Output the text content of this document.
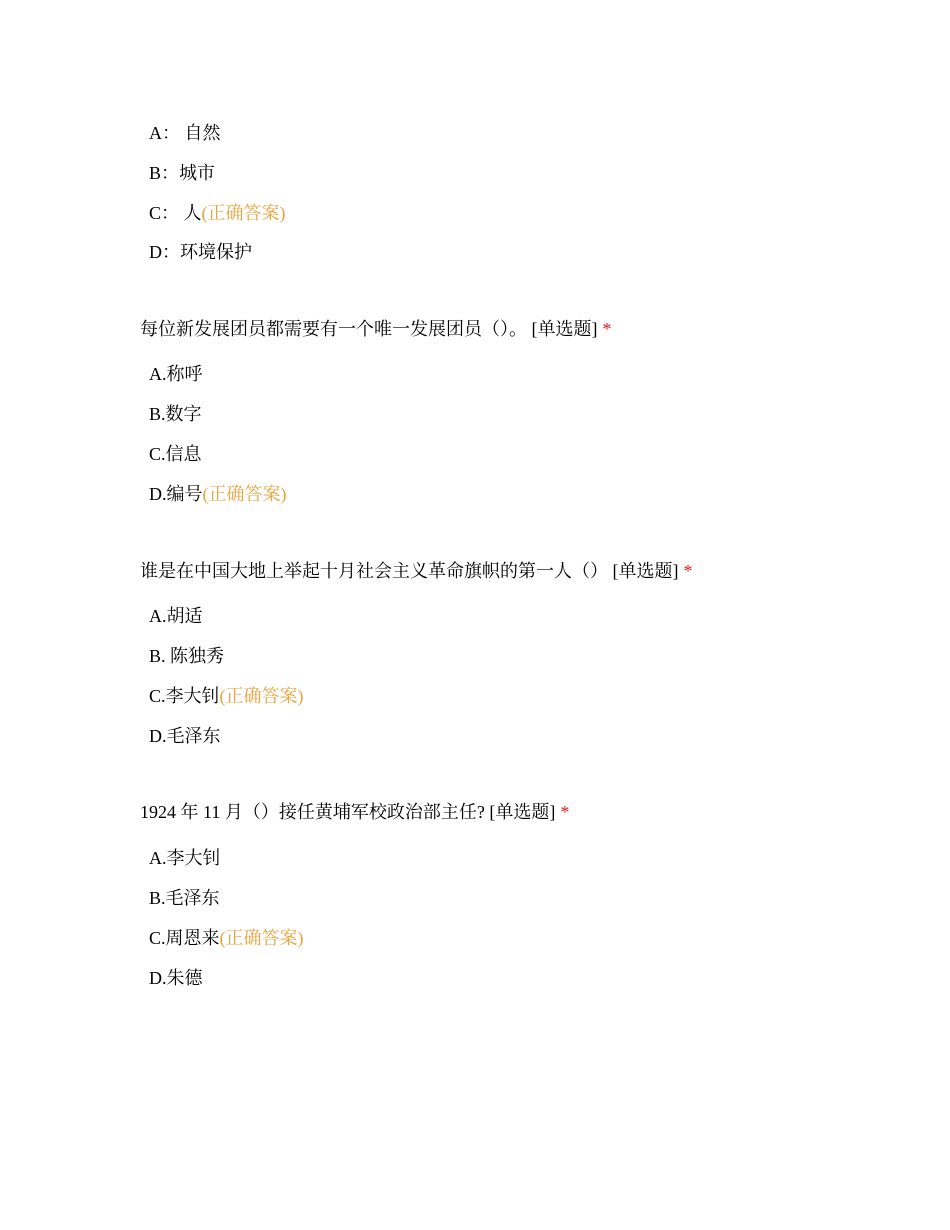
A： 自然
B：城市
C： 人(正确答案)
D：环境保护
每位新发展团员都需要有一个唯一发展团员（）。 [单选题] *
A.称呼
B.数字
C.信息
D.编号(正确答案)
谁是在中国大地上举起十月社会主义革命旗帜的第一人（） [单选题] *
A.胡适
B. 陈独秀
C.李大钊(正确答案)
D.毛泽东
1924 年 11 月（）接任黄埔军校政治部主任? [单选题] *
A.李大钊
B.毛泽东
C.周恩来(正确答案)
D.朱德
